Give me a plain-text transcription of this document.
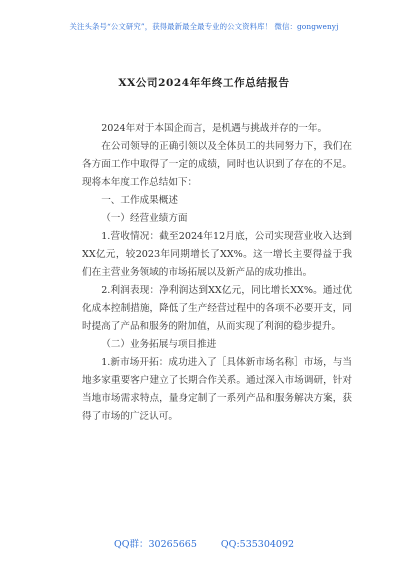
关注头条号“公文研究”，获得最新最全最专业的公文资料库！ 微信：gongwenyj
XX公司2024年年终工作总结报告

2024年对于本国企而言，是机遇与挑战并存的一年。

在公司领导的正确引领以及全体员工的共同努力下，我们在各方面工作中取得了一定的成绩，同时也认识到了存在的不足。现将本年度工作总结如下：

一、工作成果概述

（一）经营业绩方面

1.营收情况：截至2024年12月底，公司实现营业收入达到XX亿元，较2023年同期增长了XX%。这一增长主要得益于我们在主营业务领域的市场拓展以及新产品的成功推出。

2.利润表现：净利润达到XX亿元，同比增长XX%。通过优化成本控制措施，降低了生产经营过程中的各项不必要开支，同时提高了产品和服务的附加值，从而实现了利润的稳步提升。

（二）业务拓展与项目推进

1.新市场开拓：成功进入了［具体新市场名称］市场，与当地多家重要客户建立了长期合作关系。通过深入市场调研，针对当地市场需求特点，量身定制了一系列产品和服务解决方案，获得了市场的广泛认可。

QQ群：30265665	QQ:535304092
